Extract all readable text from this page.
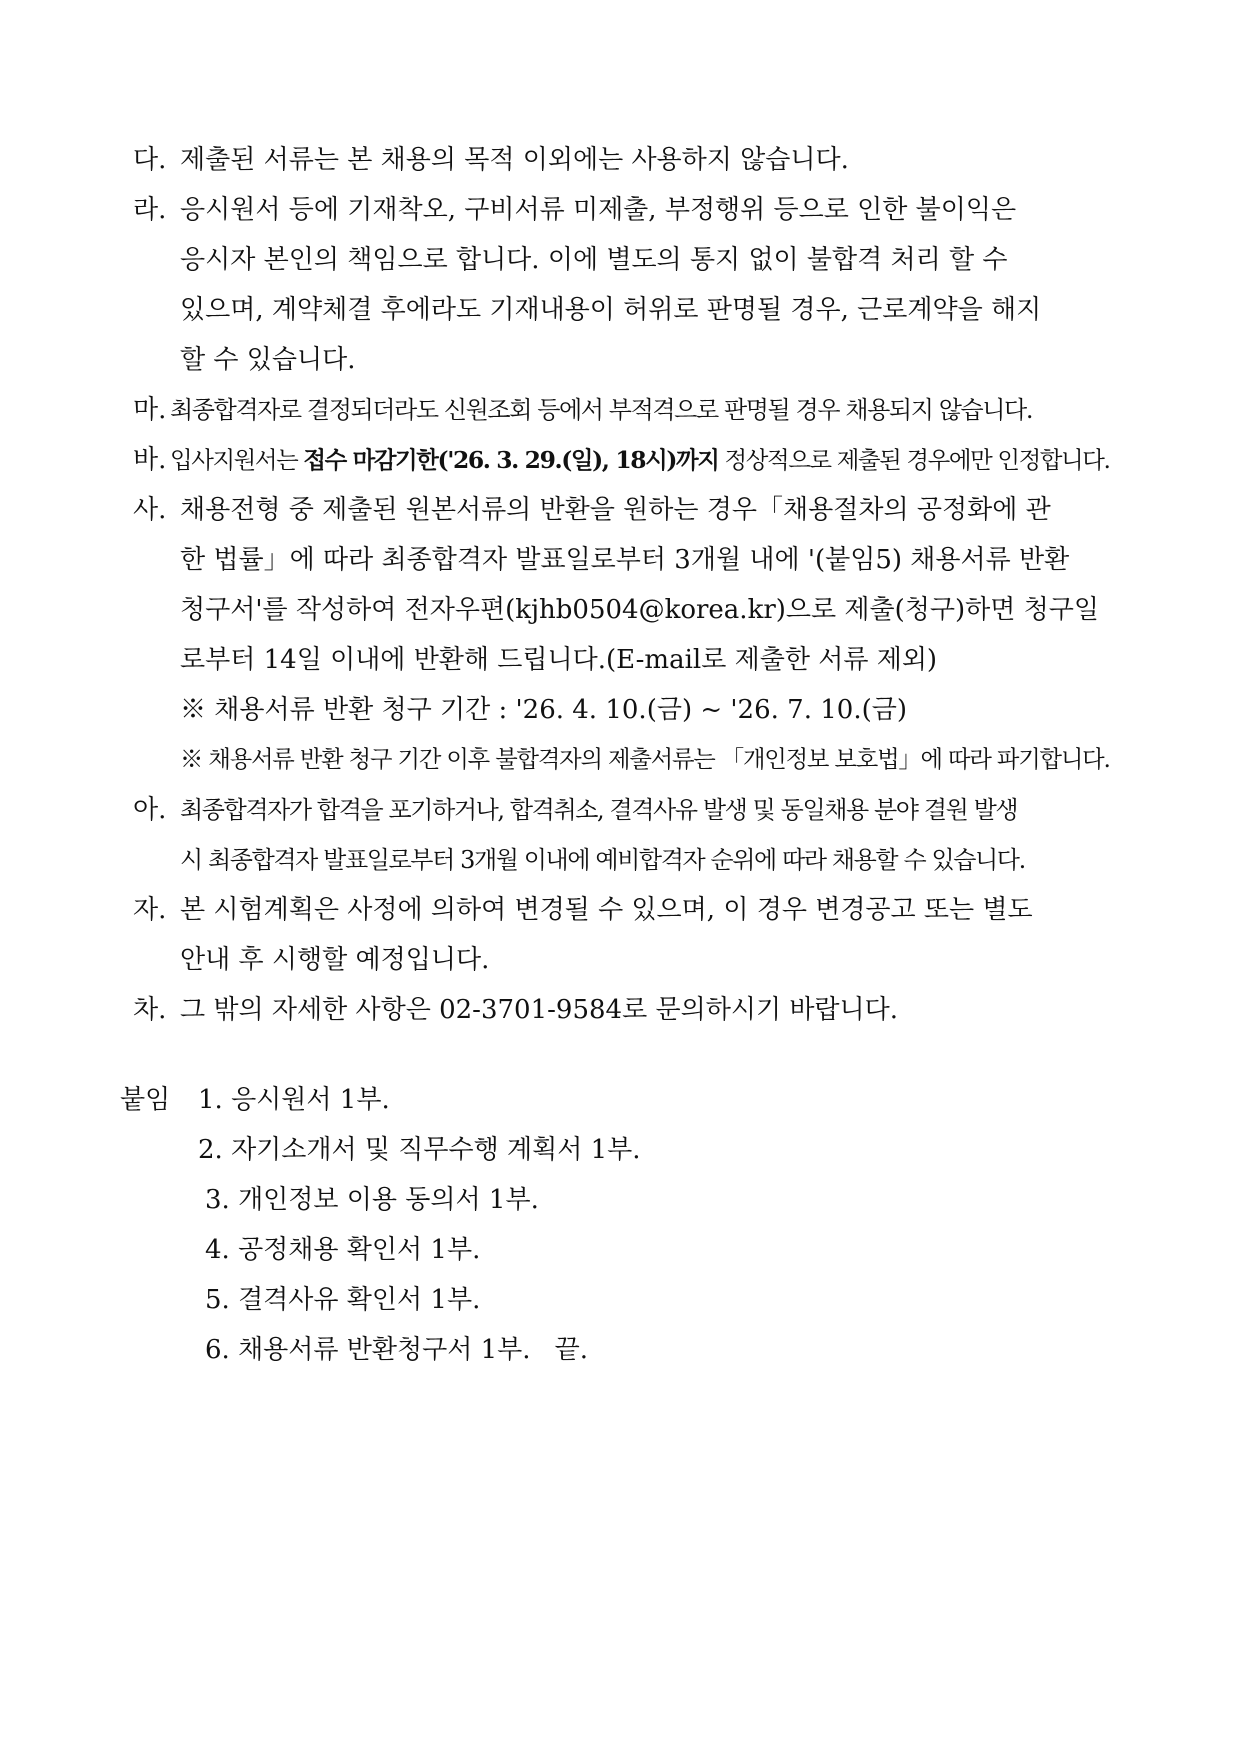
다. 제출된 서류는 본 채용의 목적 이외에는 사용하지 않습니다.
라. 응시원서 등에 기재착오, 구비서류 미제출, 부정행위 등으로 인한 불이익은
응시자 본인의 책임으로 합니다. 이에 별도의 통지 없이 불합격 처리 할 수
있으며, 계약체결 후에라도 기재내용이 허위로 판명될 경우, 근로계약을 해지
할 수 있습니다.
마. 최종합격자로 결정되더라도 신원조회 등에서 부적격으로 판명될 경우 채용되지 않습니다.
바. 입사지원서는 접수 마감기한('26. 3. 29.(일), 18시)까지 정상적으로 제출된 경우에만 인정합니다.
사. 채용전형 중 제출된 원본서류의 반환을 원하는 경우「채용절차의 공정화에 관
한 법률」에 따라 최종합격자 발표일로부터 3개월 내에 '(붙임5) 채용서류 반환
청구서'를 작성하여 전자우편(kjhb0504@korea.kr)으로 제출(청구)하면 청구일
로부터 14일 이내에 반환해 드립니다.(E-mail로 제출한 서류 제외)
※ 채용서류 반환 청구 기간 : '26. 4. 10.(금) ~ '26. 7. 10.(금)
※ 채용서류 반환 청구 기간 이후 불합격자의 제출서류는 「개인정보 보호법」에 따라 파기합니다.
아. 최종합격자가 합격을 포기하거나, 합격취소, 결격사유 발생 및 동일채용 분야 결원 발생
시 최종합격자 발표일로부터 3개월 이내에 예비합격자 순위에 따라 채용할 수 있습니다.
자. 본 시험계획은 사정에 의하여 변경될 수 있으며, 이 경우 변경공고 또는 별도
안내 후 시행할 예정입니다.
차. 그 밖의 자세한 사항은 02-3701-9584로 문의하시기 바랍니다.
붙임 1. 응시원서 1부.
2. 자기소개서 및 직무수행 계획서 1부.
3. 개인정보 이용 동의서 1부.
4. 공정채용 확인서 1부.
5. 결격사유 확인서 1부.
6. 채용서류 반환청구서 1부. 끝.
